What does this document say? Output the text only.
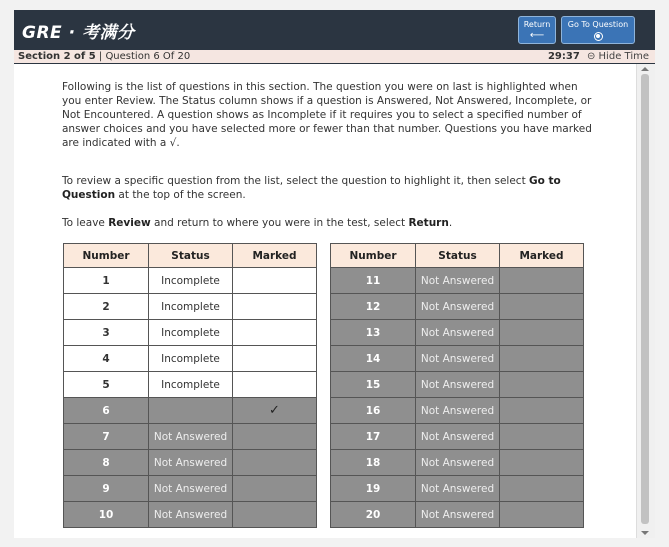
GRE · 考满分	Return
⟵
Go To Question
Section 2 of 5 | Question 6 Of 20	29:37 ⊝ Hide Time

Following is the list of questions in this section. The question you were on last is highlighted when you enter Review. The Status column shows if a question is Answered, Not Answered, Incomplete, or Not Encountered. A question shows as Incomplete if it requires you to select a specified number of answer choices and you have selected more or fewer than that number. Questions you have marked are indicated with a √.

To review a specific question from the list, select the question to highlight it, then select Go to Question at the top of the screen.

To leave Review and return to where you were in the test, select Return.

Number	Status	Marked
1	Incomplete	
2	Incomplete	
3	Incomplete	
4	Incomplete	
5	Incomplete	
6		✓
7	Not Answered	
8	Not Answered	
9	Not Answered	
10	Not Answered	
Number	Status	Marked
11	Not Answered	
12	Not Answered	
13	Not Answered	
14	Not Answered	
15	Not Answered	
16	Not Answered	
17	Not Answered	
18	Not Answered	
19	Not Answered	
20	Not Answered	
